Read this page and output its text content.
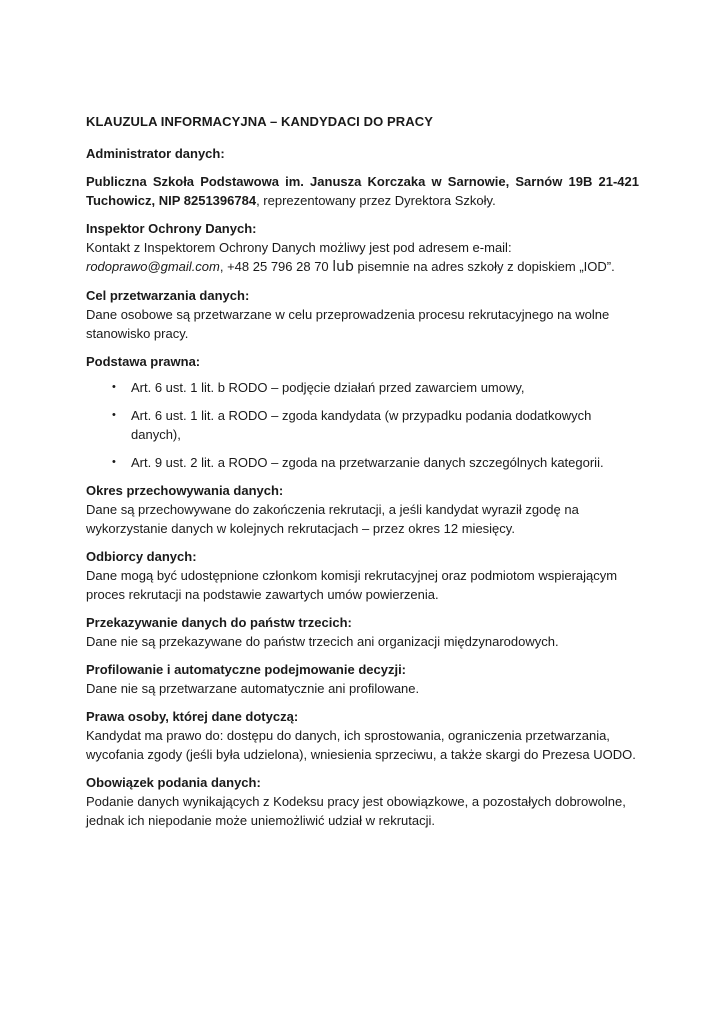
KLAUZULA INFORMACYJNA – KANDYDACI DO PRACY
Administrator danych:
Publiczna Szkoła Podstawowa im. Janusza Korczaka w Sarnowie, Sarnów 19B 21-421 Tuchowicz, NIP 8251396784, reprezentowany przez Dyrektora Szkoły.
Inspektor Ochrony Danych:
Kontakt z Inspektorem Ochrony Danych możliwy jest pod adresem e-mail: rodoprawo@gmail.com, +48 25 796 28 70 lub pisemnie na adres szkoły z dopiskiem „IOD”.
Cel przetwarzania danych:
Dane osobowe są przetwarzane w celu przeprowadzenia procesu rekrutacyjnego na wolne stanowisko pracy.
Podstawa prawna:
• Art. 6 ust. 1 lit. b RODO – podjęcie działań przed zawarciem umowy,
• Art. 6 ust. 1 lit. a RODO – zgoda kandydata (w przypadku podania dodatkowych danych),
• Art. 9 ust. 2 lit. a RODO – zgoda na przetwarzanie danych szczególnych kategorii.
Okres przechowywania danych:
Dane są przechowywane do zakończenia rekrutacji, a jeśli kandydat wyraził zgodę na wykorzystanie danych w kolejnych rekrutacjach – przez okres 12 miesięcy.
Odbiorcy danych:
Dane mogą być udostępnione członkom komisji rekrutacyjnej oraz podmiotom wspierającym proces rekrutacji na podstawie zawartych umów powierzenia.
Przekazywanie danych do państw trzecich:
Dane nie są przekazywane do państw trzecich ani organizacji międzynarodowych.
Profilowanie i automatyczne podejmowanie decyzji:
Dane nie są przetwarzane automatycznie ani profilowane.
Prawa osoby, której dane dotyczą:
Kandydat ma prawo do: dostępu do danych, ich sprostowania, ograniczenia przetwarzania, wycofania zgody (jeśli była udzielona), wniesienia sprzeciwu, a także skargi do Prezesa UODO.
Obowiązek podania danych:
Podanie danych wynikających z Kodeksu pracy jest obowiązkowe, a pozostałych dobrowolne, jednak ich niepodanie może uniemożliwić udział w rekrutacji.
